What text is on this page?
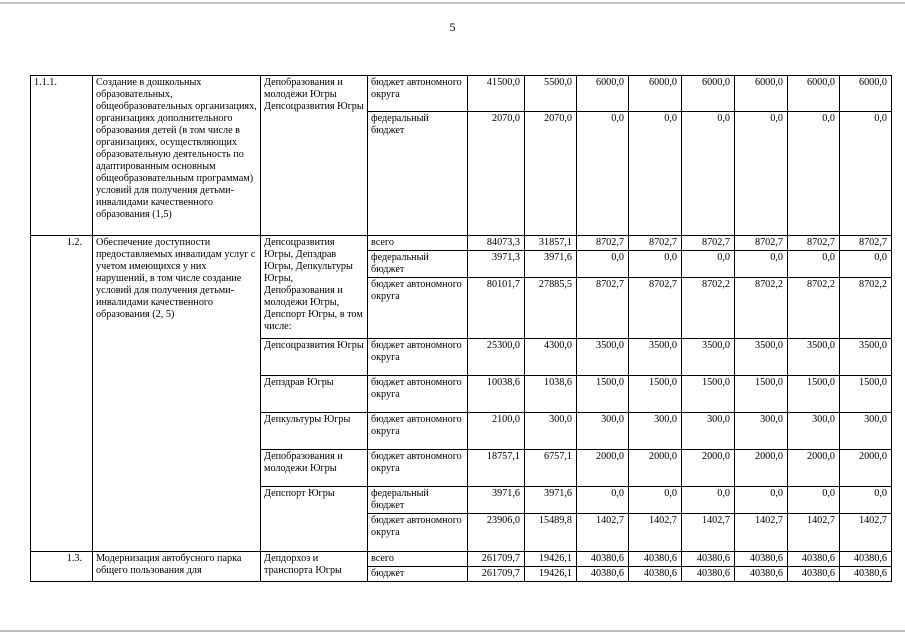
5
1.1.1.	Создание в дошкольных образовательных, общеобразовательных организациях, организациях дополнительного образования детей (в том числе в организациях, осуществляющих образовательную деятельность по адаптированным основным общеобразовательным программам) условий для получения детьми-инвалидами качественного образования (1,5)	Депобразования и молодежи Югры Депсоцразвития Югры	бюджет автономного округа	41500,0	5500,0	6000,0	6000,0	6000,0	6000,0	6000,0	6000,0
			федеральный бюджет	2070,0	2070,0	0,0	0,0	0,0	0,0	0,0	0,0
1.2.	Обеспечение доступности предоставляемых инвалидам услуг с учетом имеющихся у них нарушений, в том числе создание условий для получения детьми-инвалидами качественного образования (2, 5)	Депсоцразвития Югры, Депздрав Югры, Депкультуры Югры, Депобразования и молодежи Югры, Депспорт Югры, в том числе:	всего	84073,3	31857,1	8702,7	8702,7	8702,7	8702,7	8702,7	8702,7
			федеральный бюджет	3971,3	3971,6	0,0	0,0	0,0	0,0	0,0	0,0
			бюджет автономного округа	80101,7	27885,5	8702,7	8702,7	8702,2	8702,2	8702,2	8702,2
		Депсоцразвития Югры	бюджет автономного округа	25300,0	4300,0	3500,0	3500,0	3500,0	3500,0	3500,0	3500,0
		Депздрав Югры	бюджет автономного округа	10038,6	1038,6	1500,0	1500,0	1500,0	1500,0	1500,0	1500,0
		Депкультуры Югры	бюджет автономного округа	2100,0	300,0	300,0	300,0	300,0	300,0	300,0	300,0
		Депобразования и молодежи Югры	бюджет автономного округа	18757,1	6757,1	2000,0	2000,0	2000,0	2000,0	2000,0	2000,0
		Депспорт Югры	федеральный бюджет	3971,6	3971,6	0,0	0,0	0,0	0,0	0,0	0,0
			бюджет автономного округа	23906,0	15489,8	1402,7	1402,7	1402,7	1402,7	1402,7	1402,7
1.3.	Модернизация автобусного парка общего пользования для	Депдорхоз и транспорта Югры	всего	261709,7	19426,1	40380,6	40380,6	40380,6	40380,6	40380,6	40380,6
			бюджет	261709,7	19426,1	40380,6	40380,6	40380,6	40380,6	40380,6	40380,6
